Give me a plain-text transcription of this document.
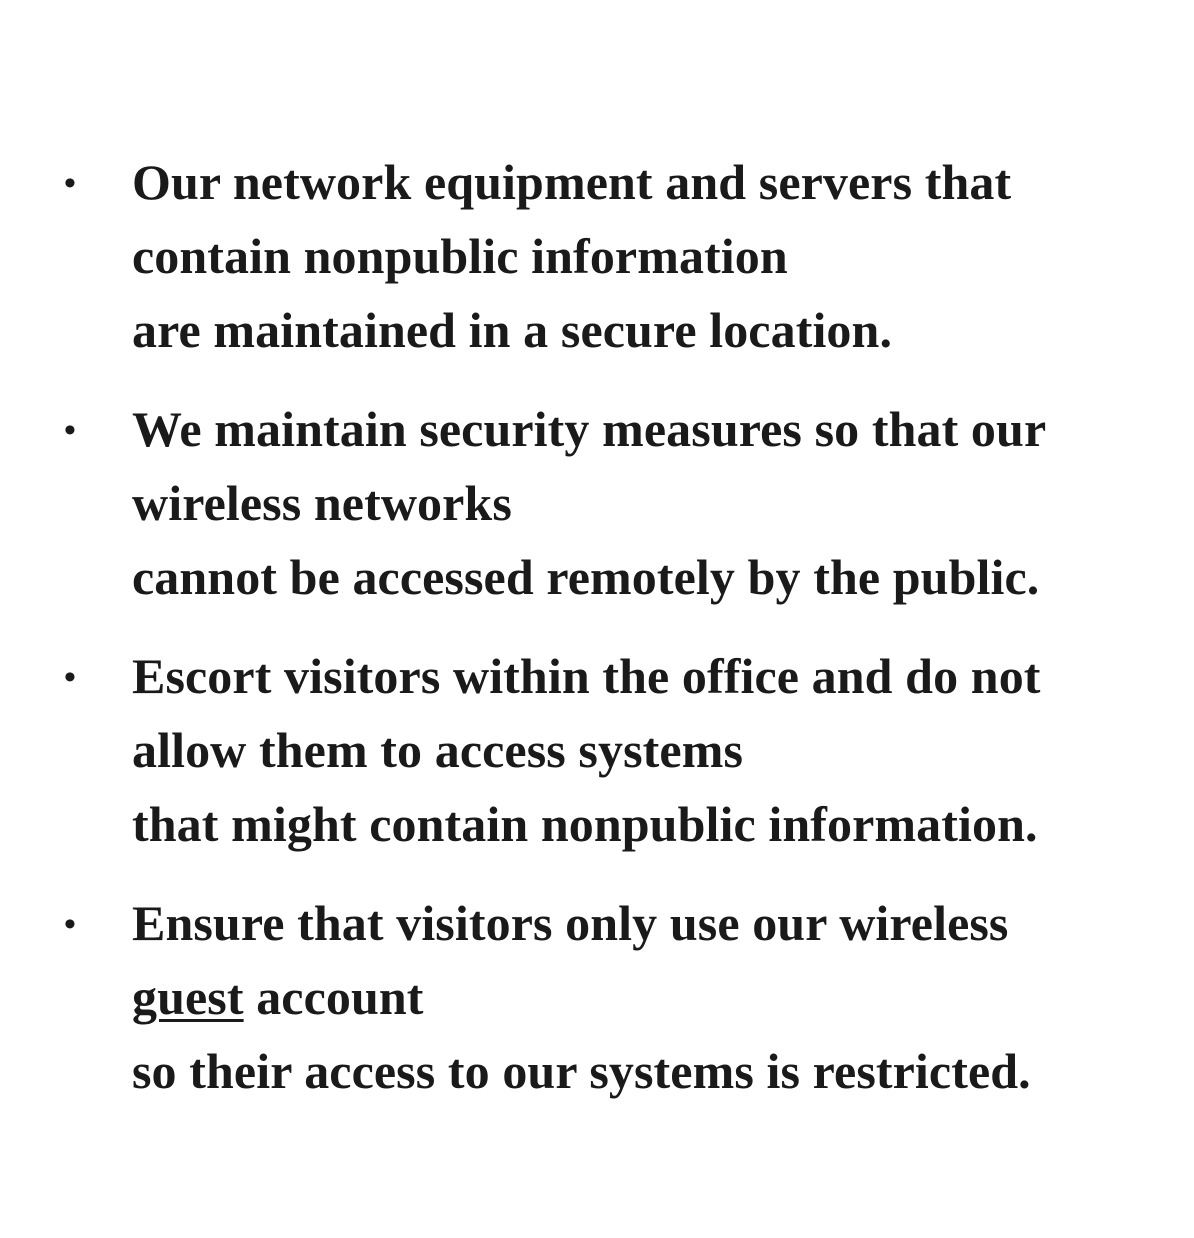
• Our network equipment and servers that
contain nonpublic information
are maintained in a secure location.
• We maintain security measures so that our
wireless networks
cannot be accessed remotely by the public.
• Escort visitors within the office and do not
allow them to access systems
that might contain nonpublic information.
• Ensure that visitors only use our wireless
guest account
so their access to our systems is restricted.
